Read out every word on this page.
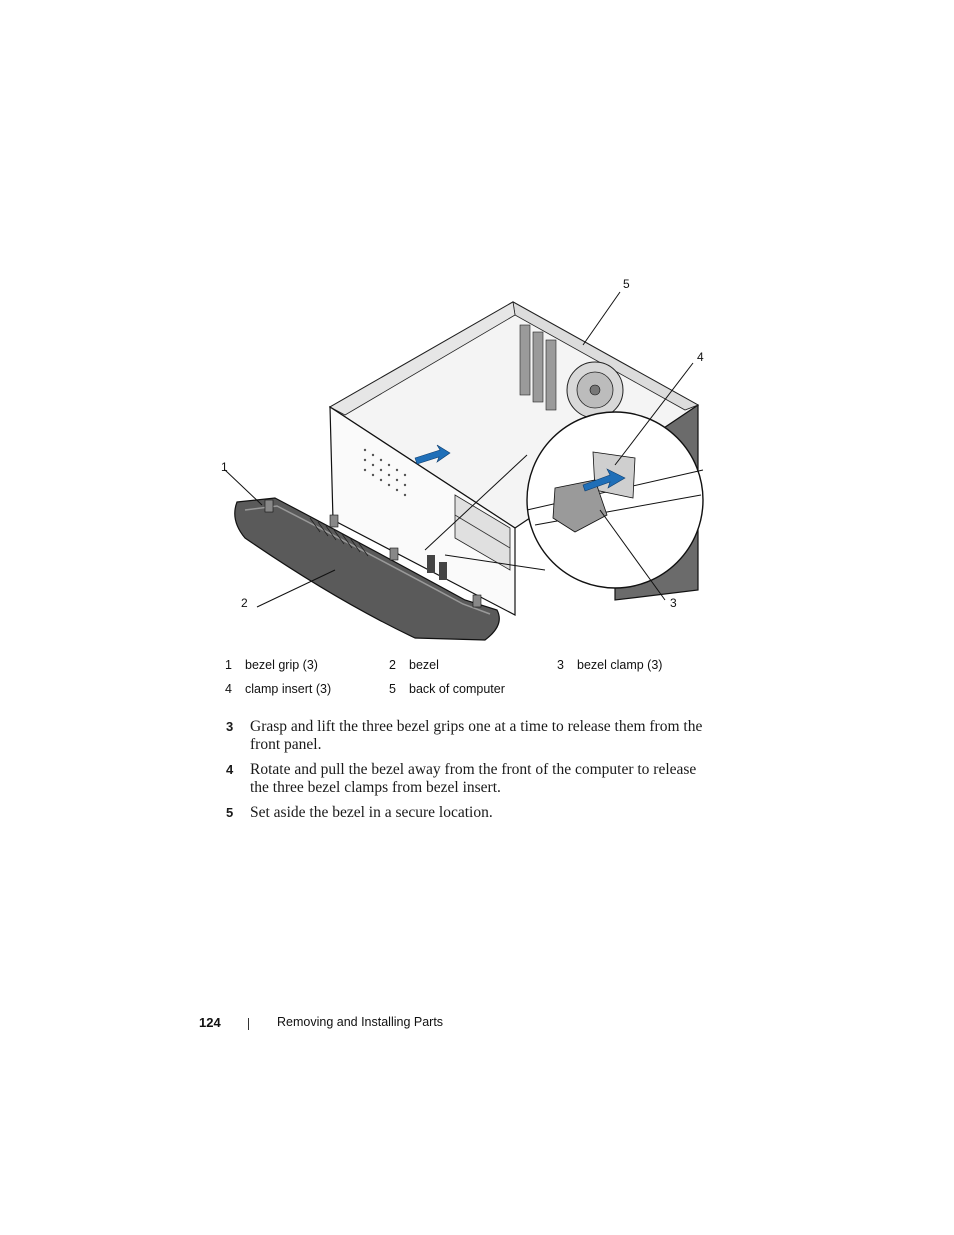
1
2	3
4
5
1 bezel grip (3)	2 bezel	3 bezel clamp (3)
4 clamp insert (3)	5 back of computer
3 Grasp and lift the three bezel grips one at a time to release them from the front panel.
4 Rotate and pull the bezel away from the front of the computer to release the three bezel clamps from bezel insert.
5 Set aside the bezel in a secure location.
124	Removing and Installing Parts
